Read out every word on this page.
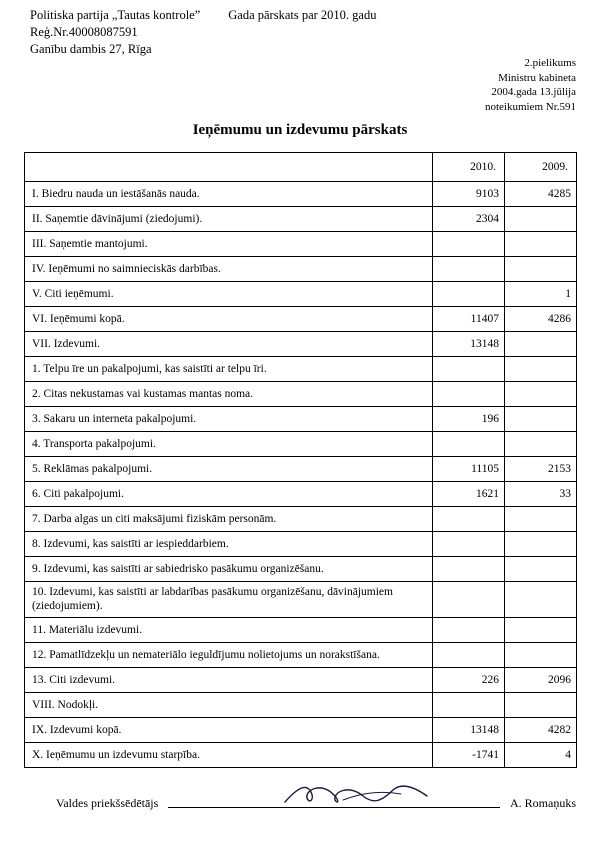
Politiska partija „Tautas kontrole” Gada pārskats par 2010. gadu
Reģ.Nr.40008087591
Ganību dambis 27, Rīga
2.pielikums
Ministru kabineta
2004.gada 13.jūlija
noteikumiem Nr.591
Ieņēmumu un izdevumu pārskats
	2010.	2009.
I. Biedru nauda un iestāšanās nauda.	9103	4285
II. Saņemtie dāvinājumi (ziedojumi).	2304	
III. Saņemtie mantojumi.		
IV. Ieņēmumi no saimnieciskās darbības.		
V. Citi ieņēmumi.		1
VI. Ieņēmumi kopā.	11407	4286
VII. Izdevumi.	13148	
1. Telpu īre un pakalpojumi, kas saistīti ar telpu īri.		
2. Citas nekustamas vai kustamas mantas noma.		
3. Sakaru un interneta pakalpojumi.	196	
4. Transporta pakalpojumi.		
5. Reklāmas pakalpojumi.	11105	2153
6. Citi pakalpojumi.	1621	33
7. Darba algas un citi maksājumi fiziskām personām.		
8. Izdevumi, kas saistīti ar iespieddarbiem.		
9. Izdevumi, kas saistīti ar sabiedrisko pasākumu organizēšanu.		
10. Izdevumi, kas saistīti ar labdarības pasākumu organizēšanu, dāvinājumiem (ziedojumiem).		
11. Materiālu izdevumi.		
12. Pamatlīdzekļu un nemateriālo ieguldījumu nolietojums un norakstīšana.		
13. Citi izdevumi.	226	2096
VIII. Nodokļi.		
IX. Izdevumi kopā.	13148	4282
X. Ieņēmumu un izdevumu starpība.	-1741	4
Valdes priekšsēdētājs	A. Romaņuks
